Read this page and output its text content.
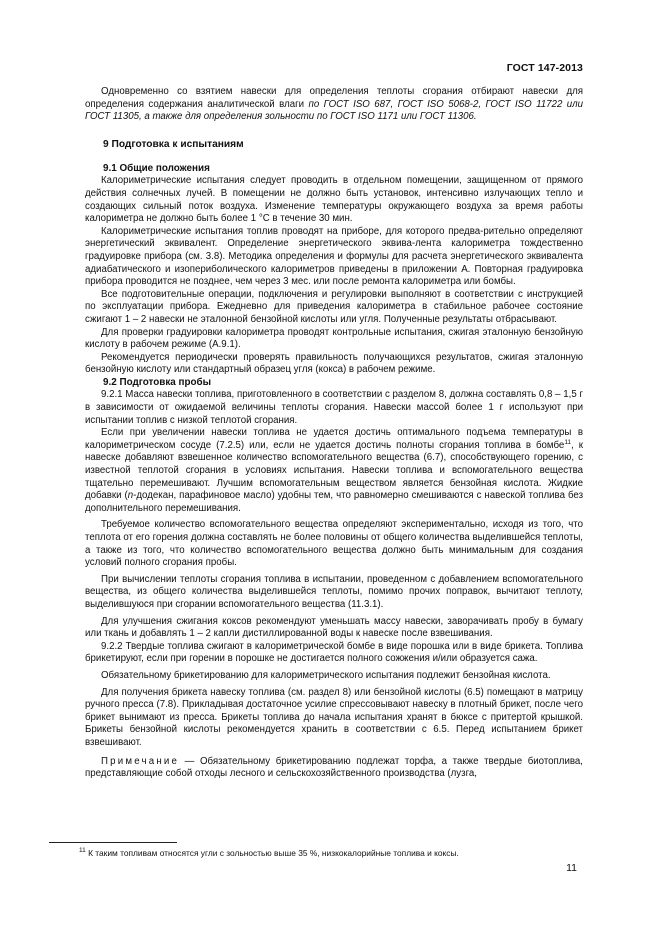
ГОСТ 147-2013

Одновременно со взятием навески для определения теплоты сгорания отбирают навески для определения содержания аналитической влаги по ГОСТ ISO 687, ГОСТ ISO 5068-2, ГОСТ ISO 11722 или ГОСТ 11305, а также для определения зольности по ГОСТ ISO 1171 или ГОСТ 11306.

9 Подготовка к испытаниям
9.1 Общие положения

Калориметрические испытания следует проводить в отдельном помещении, защищенном от прямого действия солнечных лучей. В помещении не должно быть установок, интенсивно излучающих тепло и создающих сильный поток воздуха. Изменение температуры окружающего воздуха за время работы калориметра не должно быть более 1 °С в течение 30 мин.

Калориметрические испытания топлив проводят на приборе, для которого предва-рительно определяют энергетический эквивалент. Определение энергетического эквива-лента калориметра тождественно градуировке прибора (см. 3.8). Методика определения и формулы для расчета энергетического эквивалента адиабатического и изопериболического калориметров приведены в приложении А. Повторная градуировка прибора проводится не позднее, чем через 3 мес. или после ремонта калориметра или бомбы.

Все подготовительные операции, подключения и регулировки выполняют в соответствии с инструкцией по эксплуатации прибора. Ежедневно для приведения калориметра в стабильное рабочее состояние сжигают 1 – 2 навески не эталонной бензойной кислоты или угля. Полученные результаты отбрасывают.

Для проверки градуировки калориметра проводят контрольные испытания, сжигая эталонную бензойную кислоту в рабочем режиме (А.9.1).

Рекомендуется периодически проверять правильность получающихся результатов, сжигая эталонную бензойную кислоту или стандартный образец угля (кокса) в рабочем режиме.

9.2 Подготовка пробы

9.2.1 Масса навески топлива, приготовленного в соответствии с разделом 8, должна составлять 0,8 – 1,5 г в зависимости от ожидаемой величины теплоты сгорания. Навески массой более 1 г используют при испытании топлив с низкой теплотой сгорания.

Если при увеличении навески топлива не удается достичь оптимального подъема температуры в калориметрическом сосуде (7.2.5) или, если не удается достичь полноты сгорания топлива в бомбе$^{11}$, к навеске добавляют взвешенное количество вспомогательного вещества (6.7), способствующего горению, с известной теплотой сгорания в условиях испытания. Навески топлива и вспомогательного вещества тщательно перемешивают. Лучшим вспомогательным веществом является бензойная кислота. Жидкие добавки (n-додекан, парафиновое масло) удобны тем, что равномерно смешиваются с навеской топлива без дополнительного перемешивания.

Требуемое количество вспомогательного вещества определяют экспериментально, исходя из того, что теплота от его горения должна составлять не более половины от общего количества выделившейся теплоты, а также из того, что количество вспомогательного вещества должно быть минимальным для создания условий полного сгорания пробы.

При вычислении теплоты сгорания топлива в испытании, проведенном с добавлением вспомогательного вещества, из общего количества выделившейся теплоты, помимо прочих поправок, вычитают теплоту, выделившуюся при сгорании вспомогательного вещества (11.3.1).

Для улучшения сжигания коксов рекомендуют уменьшать массу навески, заворачивать пробу в бумагу или ткань и добавлять 1 – 2 капли дистиллированной воды к навеске после взвешивания.

9.2.2 Твердые топлива сжигают в калориметрической бомбе в виде порошка или в виде брикета. Топлива брикетируют, если при горении в порошке не достигается полного сожжения и/или образуется сажа.

Обязательному брикетированию для калориметрического испытания подлежит бензойная кислота.

Для получения брикета навеску топлива (см. раздел 8) или бензойной кислоты (6.5) помещают в матрицу ручного пресса (7.8). Прикладывая достаточное усилие спрессовывают навеску в плотный брикет, после чего брикет вынимают из пресса. Брикеты топлива до начала испытания хранят в бюксе с притертой крышкой. Брикеты бензойной кислоты рекомендуется хранить в соответствии с 6.5. Перед испытанием брикет взвешивают.

Примечание — Обязательному брикетированию подлежат торфа, а также твердые биотоплива, представляющие собой отходы лесного и сельскохозяйственного производства (лузга,

$^{11}$ К таким топливам относятся угли с зольностью выше 35 %, низкокалорийные топлива и коксы.
11
